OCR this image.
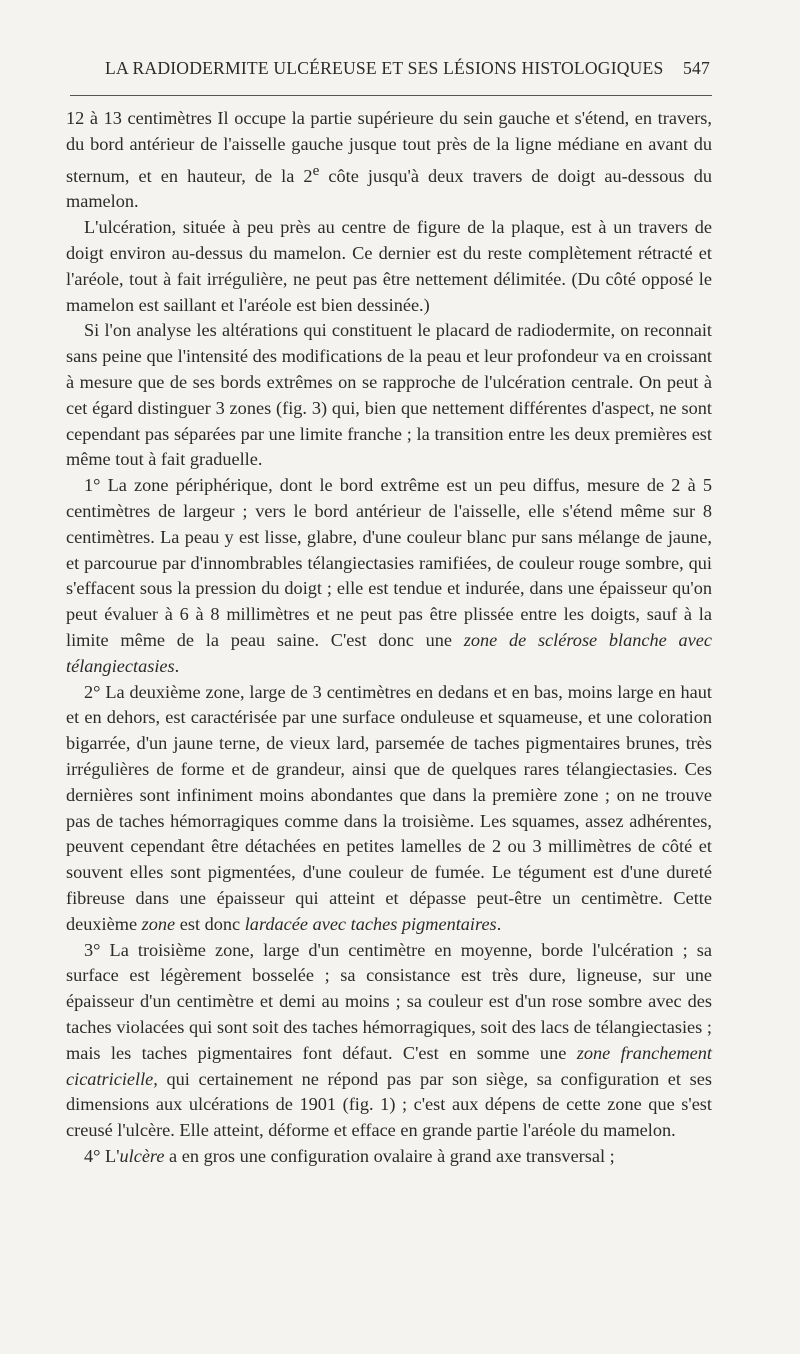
LA RADIODERMITE ULCÉREUSE ET SES LÉSIONS HISTOLOGIQUES 547

12 à 13 centimètres Il occupe la partie supérieure du sein gauche et s'étend, en travers, du bord antérieur de l'aisselle gauche jusque tout près de la ligne médiane en avant du sternum, et en hauteur, de la 2e côte jusqu'à deux travers de doigt au-dessous du mamelon.

L'ulcération, située à peu près au centre de figure de la plaque, est à un travers de doigt environ au-dessus du mamelon. Ce dernier est du reste complètement rétracté et l'aréole, tout à fait irrégulière, ne peut pas être nettement délimitée. (Du côté opposé le mamelon est saillant et l'aréole est bien dessinée.)

Si l'on analyse les altérations qui constituent le placard de radiodermite, on reconnait sans peine que l'intensité des modifications de la peau et leur profondeur va en croissant à mesure que de ses bords extrêmes on se rapproche de l'ulcération centrale. On peut à cet égard distinguer 3 zones (fig. 3) qui, bien que nettement différentes d'aspect, ne sont cependant pas séparées par une limite franche ; la transition entre les deux premières est même tout à fait graduelle.

1° La zone périphérique, dont le bord extrême est un peu diffus, mesure de 2 à 5 centimètres de largeur ; vers le bord antérieur de l'aisselle, elle s'étend même sur 8 centimètres. La peau y est lisse, glabre, d'une couleur blanc pur sans mélange de jaune, et parcourue par d'innombrables télangiectasies ramifiées, de couleur rouge sombre, qui s'effacent sous la pression du doigt ; elle est tendue et indurée, dans une épaisseur qu'on peut évaluer à 6 à 8 millimètres et ne peut pas être plissée entre les doigts, sauf à la limite même de la peau saine. C'est donc une zone de sclérose blanche avec télangiectasies.

2° La deuxième zone, large de 3 centimètres en dedans et en bas, moins large en haut et en dehors, est caractérisée par une surface onduleuse et squameuse, et une coloration bigarrée, d'un jaune terne, de vieux lard, parsemée de taches pigmentaires brunes, très irrégulières de forme et de grandeur, ainsi que de quelques rares télangiectasies. Ces dernières sont infiniment moins abondantes que dans la première zone ; on ne trouve pas de taches hémorragiques comme dans la troisième. Les squames, assez adhérentes, peuvent cependant être détachées en petites lamelles de 2 ou 3 millimètres de côté et souvent elles sont pigmentées, d'une couleur de fumée. Le tégument est d'une dureté fibreuse dans une épaisseur qui atteint et dépasse peut-être un centimètre. Cette deuxième zone est donc lardacée avec taches pigmentaires.

3° La troisième zone, large d'un centimètre en moyenne, borde l'ulcération ; sa surface est légèrement bosselée ; sa consistance est très dure, ligneuse, sur une épaisseur d'un centimètre et demi au moins ; sa couleur est d'un rose sombre avec des taches violacées qui sont soit des taches hémorragiques, soit des lacs de télangiectasies ; mais les taches pigmentaires font défaut. C'est en somme une zone franchement cicatricielle, qui certainement ne répond pas par son siège, sa configuration et ses dimensions aux ulcérations de 1901 (fig. 1) ; c'est aux dépens de cette zone que s'est creusé l'ulcère. Elle atteint, déforme et efface en grande partie l'aréole du mamelon.

4° L'ulcère a en gros une configuration ovalaire à grand axe transversal ;
